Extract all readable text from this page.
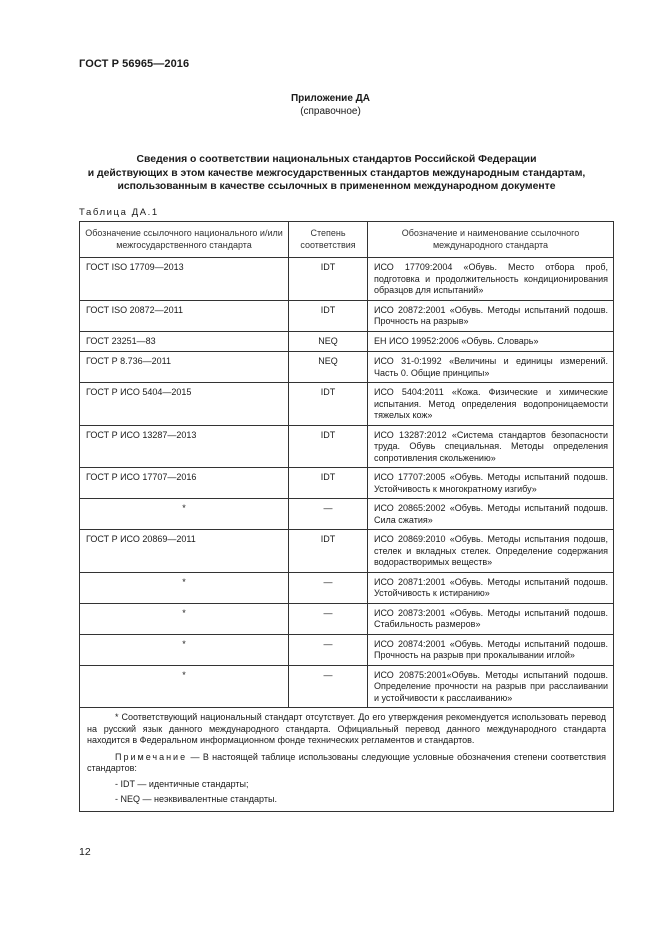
ГОСТ Р 56965—2016
Приложение ДА
(справочное)
Сведения о соответствии национальных стандартов Российской Федерации
и действующих в этом качестве межгосударственных стандартов международным стандартам,
использованным в качестве ссылочных в примененном международном документе
Таблица ДА.1
Обозначение ссылочного национального и/или межгосударственного стандарта	Степень соответствия	Обозначение и наименование ссылочного международного стандарта
ГОСТ ISO 17709—2013	IDT	ИСО 17709:2004 «Обувь. Место отбора проб, подготовка и продолжительность кондиционирования образцов для испытаний»
ГОСТ ISO 20872—2011	IDT	ИСО 20872:2001 «Обувь. Методы испытаний подошв. Прочность на разрыв»
ГОСТ 23251—83	NEQ	ЕН ИСО 19952:2006 «Обувь. Словарь»
ГОСТ Р 8.736—2011	NEQ	ИСО 31-0:1992 «Величины и единицы измерений. Часть 0. Общие принципы»
ГОСТ Р ИСО 5404—2015	IDT	ИСО 5404:2011 «Кожа. Физические и химические испытания. Метод определения водопроницаемости тяжелых кож»
ГОСТ Р ИСО 13287—2013	IDT	ИСО 13287:2012 «Система стандартов безопасности труда. Обувь специальная. Методы определения сопротивления скольжению»
ГОСТ Р ИСО 17707—2016	IDT	ИСО 17707:2005 «Обувь. Методы испытаний подошв. Устойчивость к многократному изгибу»
*	—	ИСО 20865:2002 «Обувь. Методы испытаний подошв. Сила сжатия»
ГОСТ Р ИСО 20869—2011	IDT	ИСО 20869:2010 «Обувь. Методы испытания подошв, стелек и вкладных стелек. Определение содержания водорастворимых веществ»
*	—	ИСО 20871:2001 «Обувь. Методы испытаний подошв. Устойчивость к истиранию»
*	—	ИСО 20873:2001 «Обувь. Методы испытаний подошв. Стабильность размеров»
*	—	ИСО 20874:2001 «Обувь. Методы испытаний подошв. Прочность на разрыв при прокалывании иглой»
*	—	ИСО 20875:2001«Обувь. Методы испытаний подошв. Определение прочности на разрыв при расслаивании и устойчивости к расслаиванию»

* Соответствующий национальный стандарт отсутствует. До его утверждения рекомендуется использовать перевод на русский язык данного международного стандарта. Официальный перевод данного международного стандарта находится в Федеральном информационном фонде технических регламентов и стандартов.

Примечание — В настоящей таблице использованы следующие условные обозначения степени соответствия стандартов:

- IDT — идентичные стандарты;

- NEQ — неэквивалентные стандарты.		

12
